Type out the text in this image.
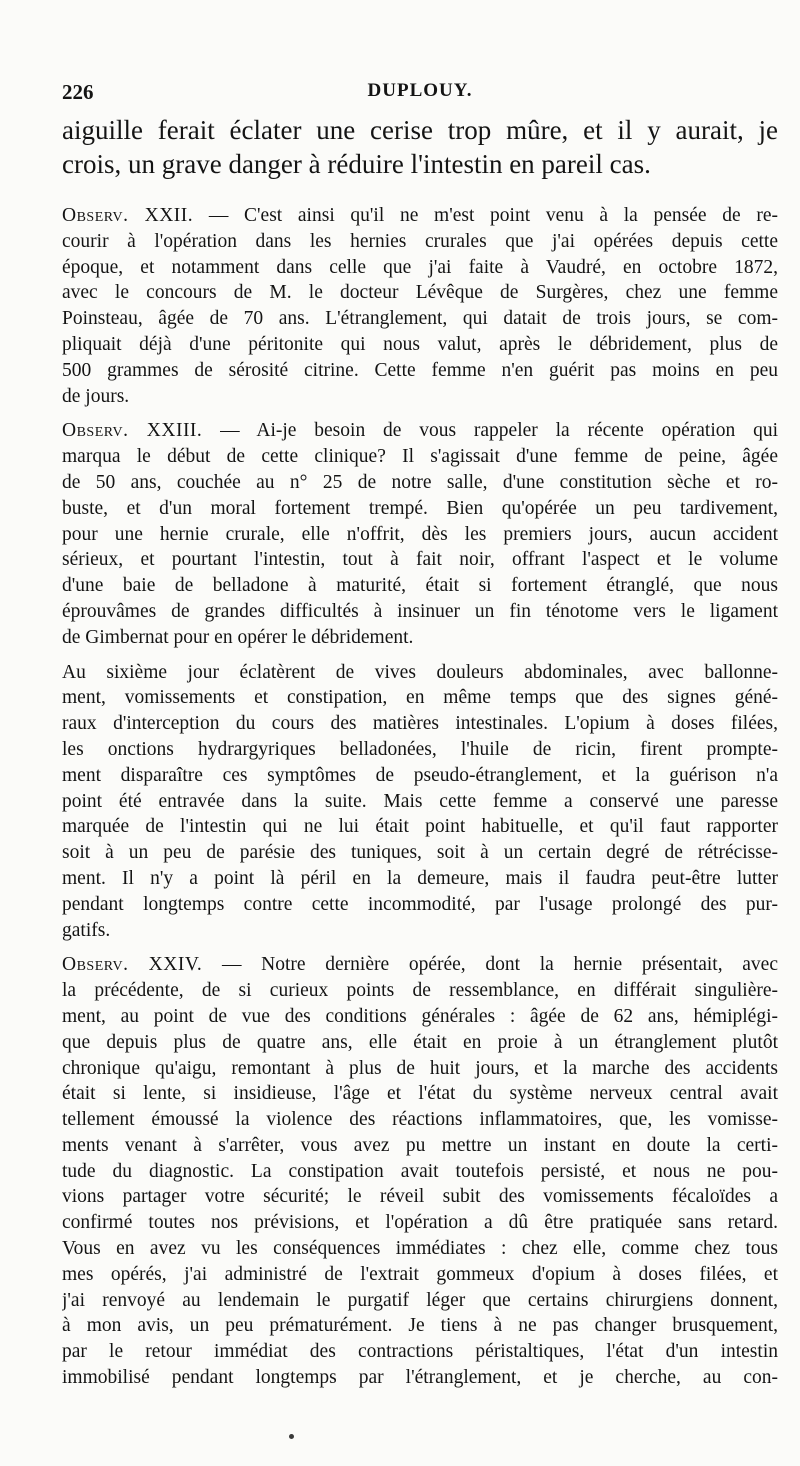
226	DUPLOUY.
aiguille ferait éclater une cerise trop mûre, et il y aurait, je
crois, un grave danger à réduire l'intestin en pareil cas.
Observ. XXII. — C'est ainsi qu'il ne m'est point venu à la pensée de re-
courir à l'opération dans les hernies crurales que j'ai opérées depuis cette
époque, et notamment dans celle que j'ai faite à Vaudré, en octobre 1872,
avec le concours de M. le docteur Lévêque de Surgères, chez une femme
Poinsteau, âgée de 70 ans. L'étranglement, qui datait de trois jours, se com-
pliquait déjà d'une péritonite qui nous valut, après le débridement, plus de
500 grammes de sérosité citrine. Cette femme n'en guérit pas moins en peu
de jours.
Observ. XXIII. — Ai-je besoin de vous rappeler la récente opération qui
marqua le début de cette clinique? Il s'agissait d'une femme de peine, âgée
de 50 ans, couchée au n° 25 de notre salle, d'une constitution sèche et ro-
buste, et d'un moral fortement trempé. Bien qu'opérée un peu tardivement,
pour une hernie crurale, elle n'offrit, dès les premiers jours, aucun accident
sérieux, et pourtant l'intestin, tout à fait noir, offrant l'aspect et le volume
d'une baie de belladone à maturité, était si fortement étranglé, que nous
éprouvâmes de grandes difficultés à insinuer un fin ténotome vers le ligament
de Gimbernat pour en opérer le débridement.
Au sixième jour éclatèrent de vives douleurs abdominales, avec ballonne-
ment, vomissements et constipation, en même temps que des signes géné-
raux d'interception du cours des matières intestinales. L'opium à doses filées,
les onctions hydrargyriques belladonées, l'huile de ricin, firent prompte-
ment disparaître ces symptômes de pseudo-étranglement, et la guérison n'a
point été entravée dans la suite. Mais cette femme a conservé une paresse
marquée de l'intestin qui ne lui était point habituelle, et qu'il faut rapporter
soit à un peu de parésie des tuniques, soit à un certain degré de rétrécisse-
ment. Il n'y a point là péril en la demeure, mais il faudra peut-être lutter
pendant longtemps contre cette incommodité, par l'usage prolongé des pur-
gatifs.
Observ. XXIV. — Notre dernière opérée, dont la hernie présentait, avec
la précédente, de si curieux points de ressemblance, en différait singulière-
ment, au point de vue des conditions générales : âgée de 62 ans, hémiplégi-
que depuis plus de quatre ans, elle était en proie à un étranglement plutôt
chronique qu'aigu, remontant à plus de huit jours, et la marche des accidents
était si lente, si insidieuse, l'âge et l'état du système nerveux central avait
tellement émoussé la violence des réactions inflammatoires, que, les vomisse-
ments venant à s'arrêter, vous avez pu mettre un instant en doute la certi-
tude du diagnostic. La constipation avait toutefois persisté, et nous ne pou-
vions partager votre sécurité; le réveil subit des vomissements fécaloïdes a
confirmé toutes nos prévisions, et l'opération a dû être pratiquée sans retard.
Vous en avez vu les conséquences immédiates : chez elle, comme chez tous
mes opérés, j'ai administré de l'extrait gommeux d'opium à doses filées, et
j'ai renvoyé au lendemain le purgatif léger que certains chirurgiens donnent,
à mon avis, un peu prématurément. Je tiens à ne pas changer brusquement,
par le retour immédiat des contractions péristaltiques, l'état d'un intestin
immobilisé pendant longtemps par l'étranglement, et je cherche, au con-
